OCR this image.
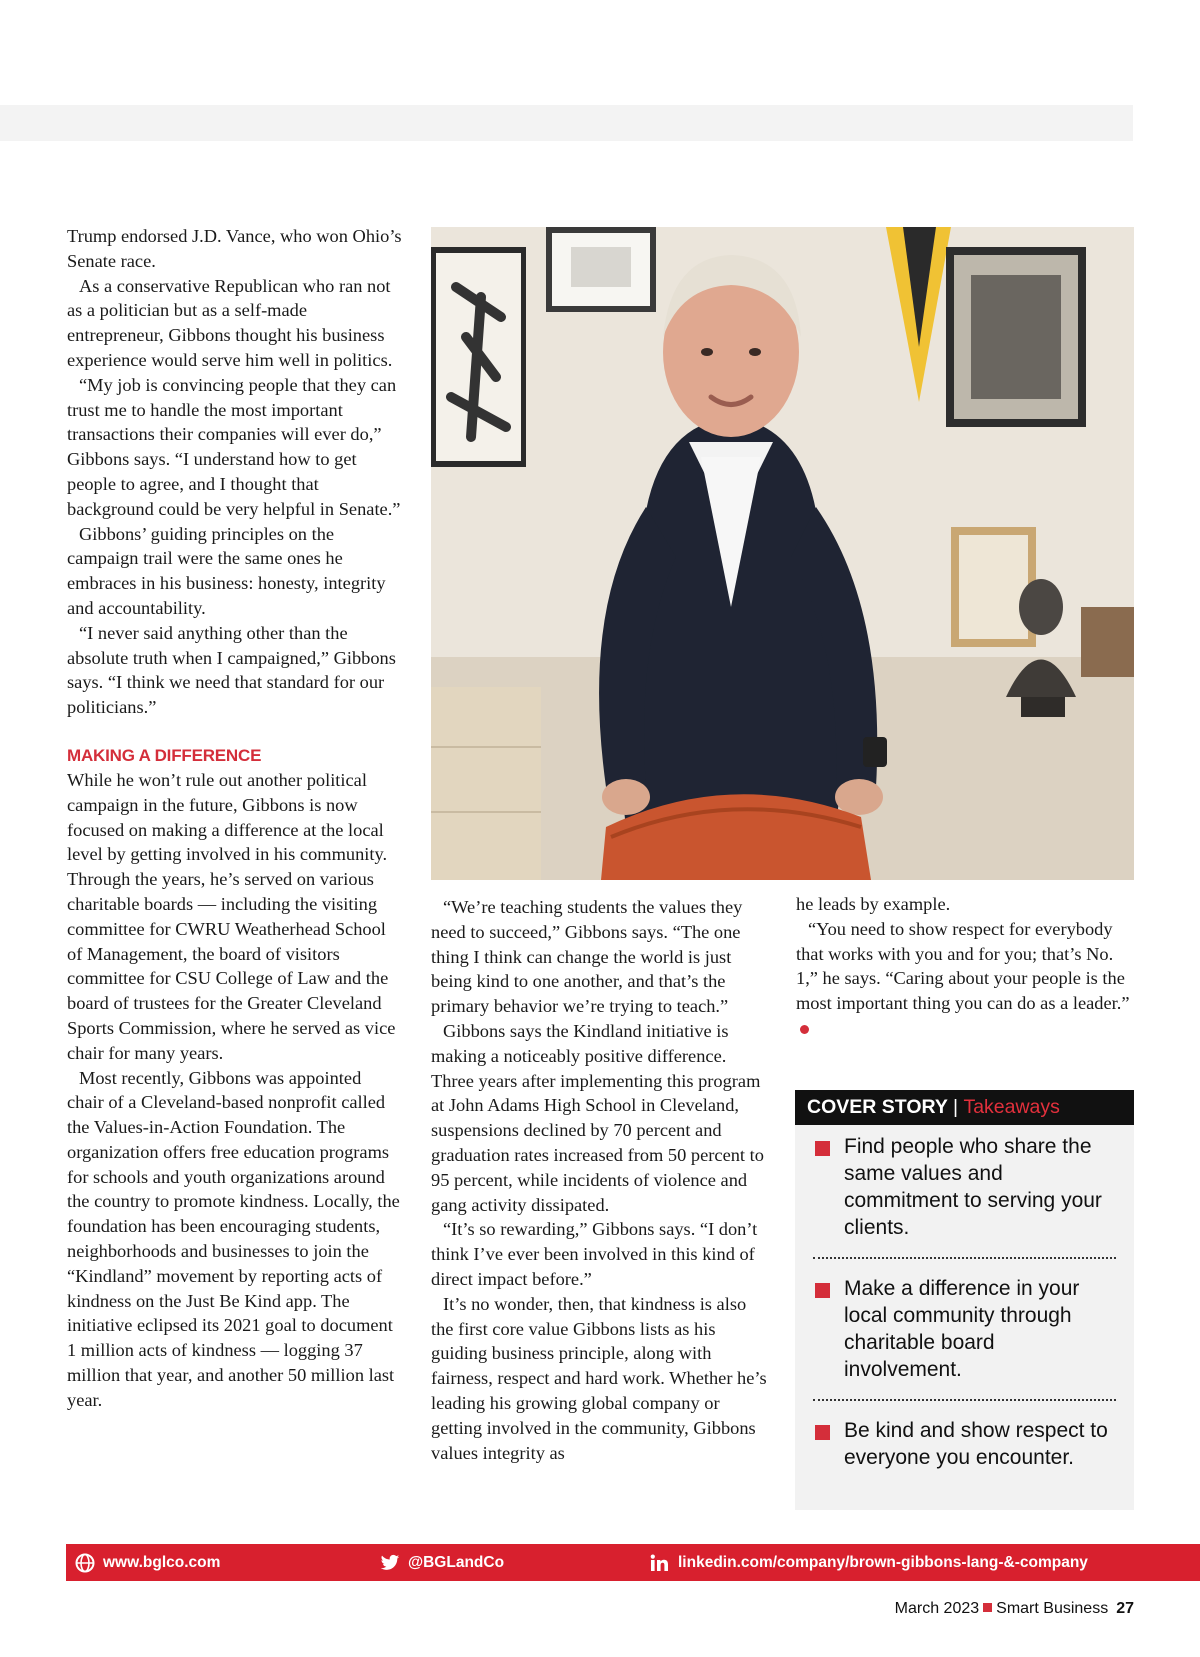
Trump endorsed J.D. Vance, who won Ohio’s Senate race.

As a conservative Republican who ran not as a politician but as a self-made entrepreneur, Gibbons thought his business experience would serve him well in politics.

“My job is convincing people that they can trust me to handle the most important transactions their companies will ever do,” Gibbons says. “I understand how to get people to agree, and I thought that background could be very helpful in Senate.”

Gibbons’ guiding principles on the campaign trail were the same ones he embraces in his business: honesty, integrity and accountability.

“I never said anything other than the absolute truth when I campaigned,” Gibbons says. “I think we need that standard for our politicians.”

MAKING A DIFFERENCE

While he won’t rule out another political campaign in the future, Gibbons is now focused on making a difference at the local level by getting involved in his community. Through the years, he’s served on various charitable boards — including the visiting committee for CWRU Weatherhead School of Management, the board of visitors committee for CSU College of Law and the board of trustees for the Greater Cleveland Sports Commission, where he served as vice chair for many years.

Most recently, Gibbons was appointed chair of a Cleveland-based nonprofit called the Values-in-Action Foundation. The organization offers free education programs for schools and youth organizations around the country to promote kindness. Locally, the foundation has been encouraging students, neighborhoods and businesses to join the “Kindland” movement by reporting acts of kindness on the Just Be Kind app. The initiative eclipsed its 2021 goal to document 1 million acts of kindness — logging 37 million that year, and another 50 million last year.

“We’re teaching students the values they need to succeed,” Gibbons says. “The one thing I think can change the world is just being kind to one another, and that’s the primary behavior we’re trying to teach.”

Gibbons says the Kindland initiative is making a noticeably positive difference. Three years after implementing this program at John Adams High School in Cleveland, suspensions declined by 70 percent and graduation rates increased from 50 percent to 95 percent, while incidents of violence and gang activity dissipated.

“It’s so rewarding,” Gibbons says. “I don’t think I’ve ever been involved in this kind of direct impact before.”

It’s no wonder, then, that kindness is also the first core value Gibbons lists as his guiding business principle, along with fairness, respect and hard work. Whether he’s leading his growing global company or getting involved in the community, Gibbons values integrity as

he leads by example.

“You need to show respect for everybody that works with you and for you; that’s No. 1,” he says. “Caring about your people is the most important thing you can do as a leader.”

COVER STORY | Takeaways
Find people who share the same values and commitment to serving your clients.
Make a difference in your local community through charitable board involvement.
Be kind and show respect to everyone you encounter.
www.bglco.com	@BGLandCo	linkedin.com/company/brown-gibbons-lang-&-company
March 2023 Smart Business 27
